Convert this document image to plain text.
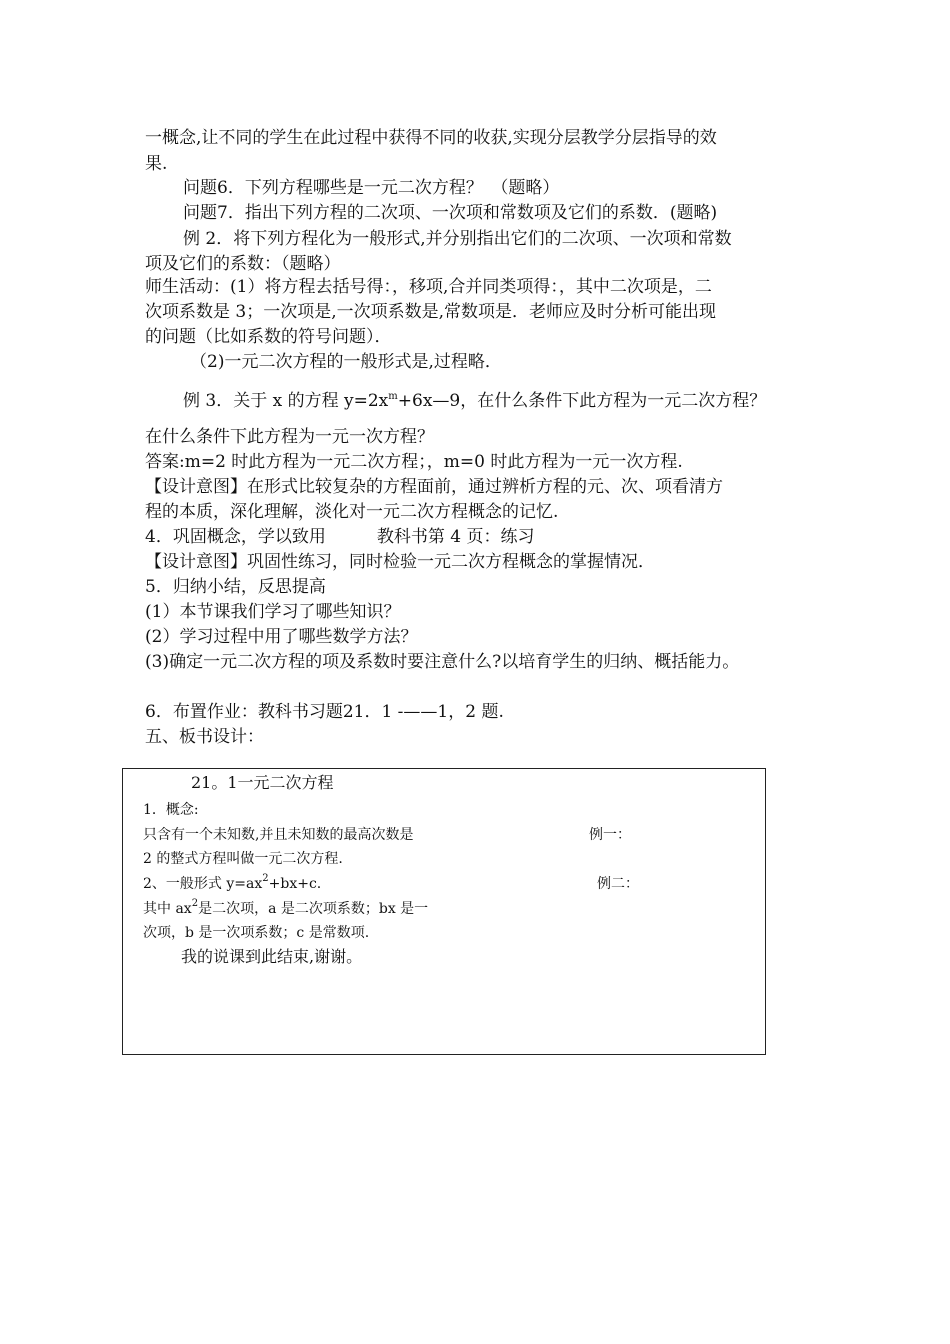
一概念,让不同的学生在此过程中获得不同的收获,实现分层教学分层指导的效
果.
问题6．下列方程哪些是一元二次方程？　（题略）
问题7．指出下列方程的二次项、一次项和常数项及它们的系数．(题略)
例 2．将下列方程化为一般形式,并分别指出它们的二次项、一次项和常数
项及它们的系数：（题略）
师生活动：(1）将方程去括号得：，移项,合并同类项得：，其中二次项是，二
次项系数是 3；一次项是,一次项系数是,常数项是．老师应及时分析可能出现
的问题（比如系数的符号问题）．
（2)一元二次方程的一般形式是,过程略．
例 3．关于 x 的方程 $y=2x^m+6x—9$，在什么条件下此方程为一元二次方程？
在什么条件下此方程为一元一次方程？
答案:m=2 时此方程为一元二次方程；，m=0 时此方程为一元一次方程.
【设计意图】在形式比较复杂的方程面前，通过辨析方程的元、次、项看清方
程的本质，深化理解，淡化对一元二次方程概念的记忆.
4．巩固概念，学以致用　　　教科书第 4 页：练习
【设计意图】巩固性练习，同时检验一元二次方程概念的掌握情况．
5．归纳小结，反思提高
(1）本节课我们学习了哪些知识？
(2）学习过程中用了哪些数学方法？
(3)确定一元二次方程的项及系数时要注意什么?以培育学生的归纳、概括能力。
6．布置作业：教科书习题21．1 -——1，2 题.
五、板书设计：
21。1一元二次方程
1．概念:
只含有一个未知数,并且未知数的最高次数是	例一：
2 的整式方程叫做一元二次方程.
2、一般形式 $y=ax^2+bx+c$.	例二：
其中 $ax^2$是二次项，a 是二次项系数；bx 是一
次项，b 是一次项系数；c 是常数项.
我的说课到此结束,谢谢。
